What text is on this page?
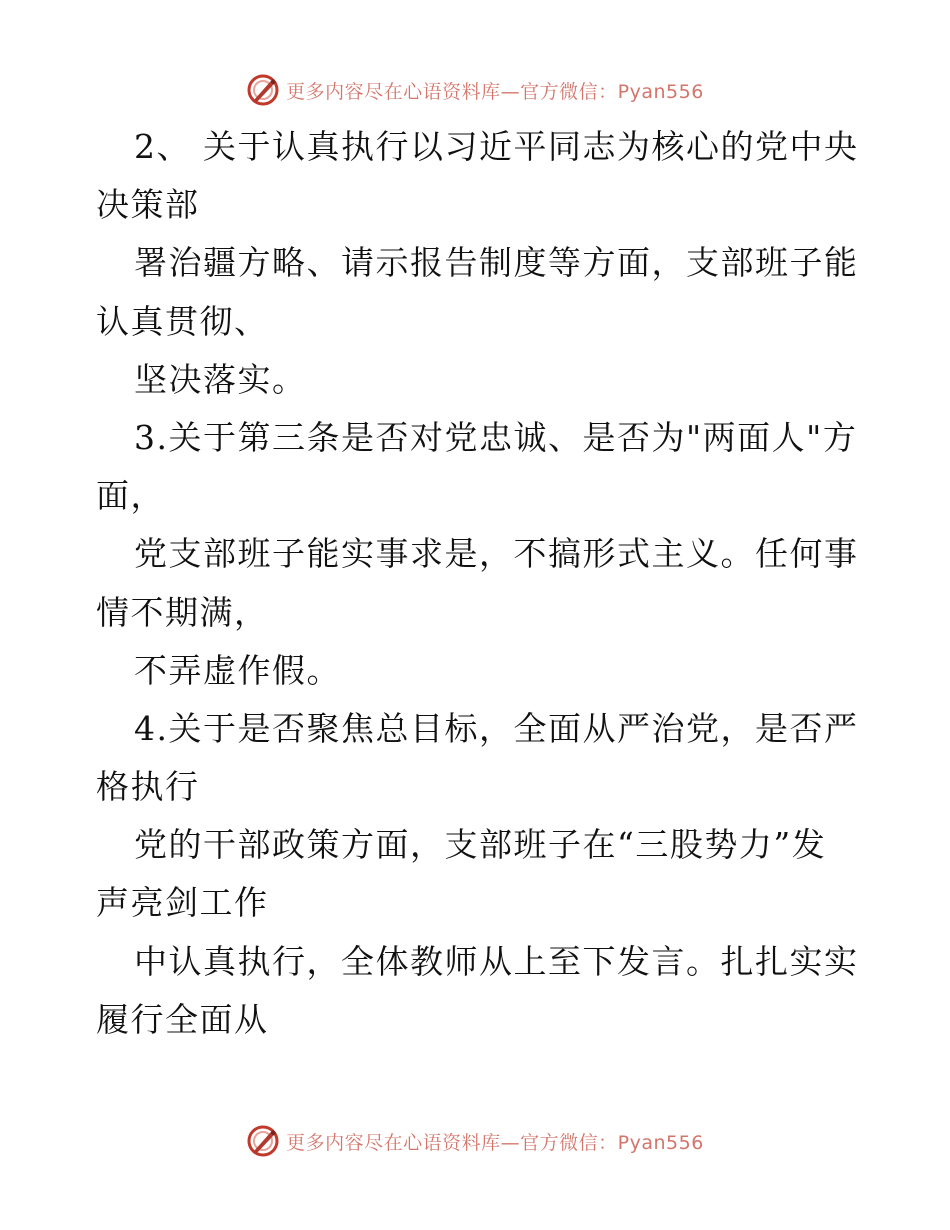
更多内容尽在心语资料库—官方微信：Pyan556
2、 关于认真执行以习近平同志为核心的党中央
决策部
署治疆方略、请示报告制度等方面，支部班子能
认真贯彻、
坚决落实。
3.关于第三条是否对党忠诚、是否为"两面人"方
面，
党支部班子能实事求是，不搞形式主义。任何事
情不期满，
不弄虚作假。
4.关于是否聚焦总目标，全面从严治党，是否严
格执行
党的干部政策方面，支部班子在“三股势力”发
声亮剑工作
中认真执行，全体教师从上至下发言。扎扎实实
履行全面从
更多内容尽在心语资料库—官方微信：Pyan556
